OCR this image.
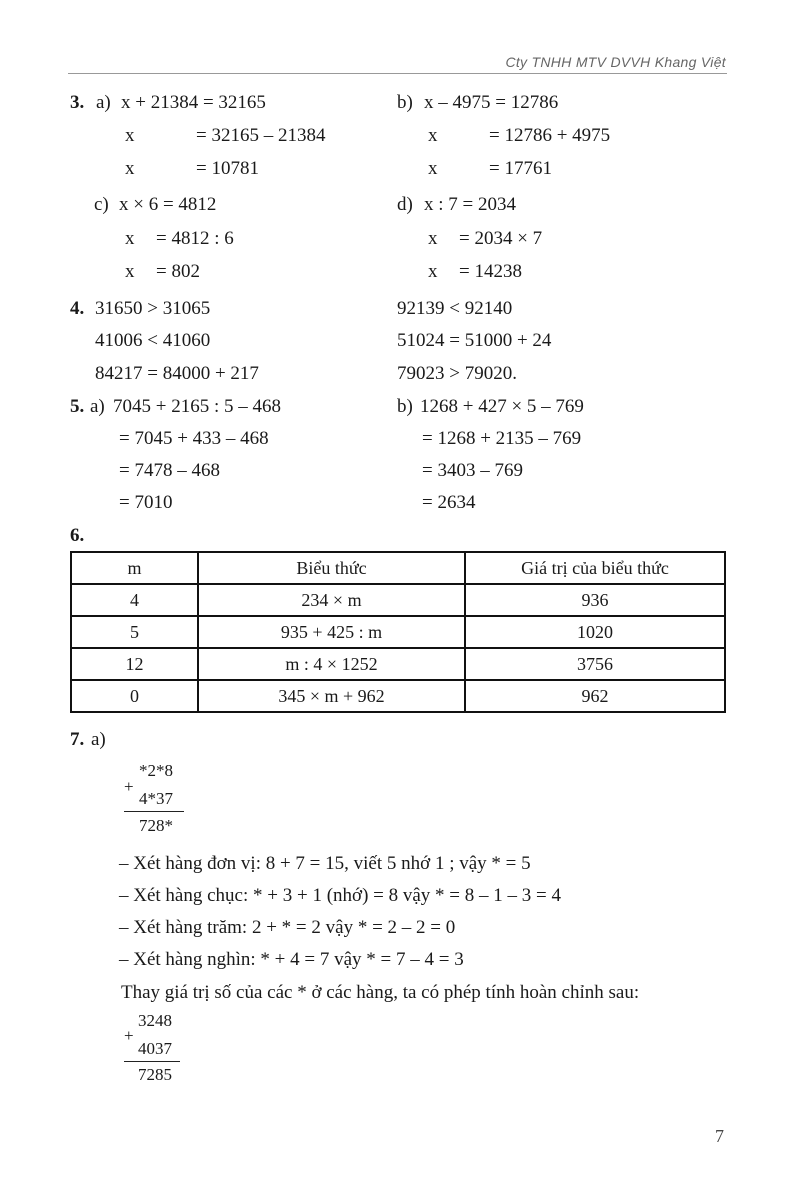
Cty TNHH MTV DVVH Khang Việt
3. a) x + 21384 = 32165
x	= 32165 – 21384
x	= 10781
b) x – 4975 = 12786
x	= 12786 + 4975
x	= 17761
c) x × 6 = 4812
x = 4812 : 6
x = 802
d) x : 7 = 2034
x = 2034 × 7
x = 14238
4. 31650 > 31065
41006 < 41060
84217 = 84000 + 217
92139 < 92140
51024 = 51000 + 24
79023 > 79020.
5. a) 7045 + 2165 : 5 – 468
= 7045 + 433 – 468
= 7478 – 468
= 7010
b) 1268 + 427 × 5 – 769
= 1268 + 2135 – 769
= 3403 – 769
= 2634
6.
m	Biểu thức	Giá trị của biểu thức
4	234 × m	936
5	935 + 425 : m	1020
12	m : 4 × 1252	3756
0	345 × m + 962	962
7. a)
+
*2*8
4*37
728*
– Xét hàng đơn vị: 8 + 7 = 15, viết 5 nhớ 1 ; vậy * = 5
– Xét hàng chục: * + 3 + 1 (nhớ) = 8 vậy * = 8 – 1 – 3 = 4
– Xét hàng trăm: 2 + * = 2 vậy * = 2 – 2 = 0
– Xét hàng nghìn: * + 4 = 7 vậy * = 7 – 4 = 3
Thay giá trị số của các * ở các hàng, ta có phép tính hoàn chỉnh sau:
+
3248
4037
7285
7
